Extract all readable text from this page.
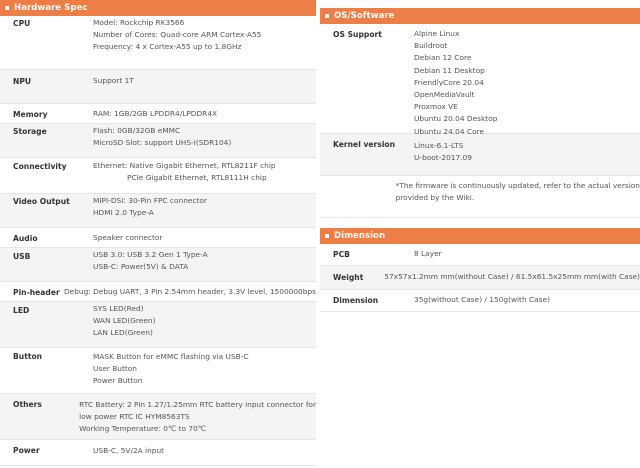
Hardware Spec
CPU	Model: Rockchip RK3566
Number of Cores: Quad-core ARM Cortex-A55
Frequency: 4 x Cortex-A55 up to 1.8GHz
NPU	Support 1T
Memory	RAM: 1GB/2GB LPDDR4/LPDDR4X
Storage	Flash: 0GB/32GB eMMC
MicroSD Slot: support UHS-I(SDR104)
Connectivity	Ethernet: Native Gigabit Ethernet, RTL8211F chip
PCIe Gigabit Ethernet, RTL8111H chip
Video Output	MIPI-DSI: 30-Pin FPC connector
HDMI 2.0 Type-A
Audio	Speaker connector
USB	USB 3.0: USB 3.2 Gen 1 Type-A
USB-C: Power(5V) & DATA
Pin-header Debug: Debug UART, 3 Pin 2.54mm header, 3.3V level, 1500000bps
LED	SYS LED(Red)
WAN LED(Green)
LAN LED(Green)
Button	MASK Button for eMMC flashing via USB-C
User Button
Power Button
Others	RTC Battery: 2 Pin 1.27/1.25mm RTC battery input connector for
low power RTC IC HYM8563TS
Working Temperature: 0℃ to 70℃
Power	USB-C, 5V/2A input
OS/Software
OS Support	Alpine Linux
Buildroot
Debian 12 Core
Debian 11 Desktop
FriendlyCore 20.04
OpenMediaVault
Proxmox VE
Ubuntu 20.04 Desktop
Ubuntu 24.04 Core
Kernel version	Linux-6.1-LTS
U-boot-2017.09
*The firmware is continuously updated, refer to the actual version
provided by the Wiki.
Dimension
PCB	8 Layer
Weight	57x57x1.2mm mm(without Case) / 61.5x61.5x25mm mm(with Case)
Dimension	35g(without Case) / 150g(with Case)
